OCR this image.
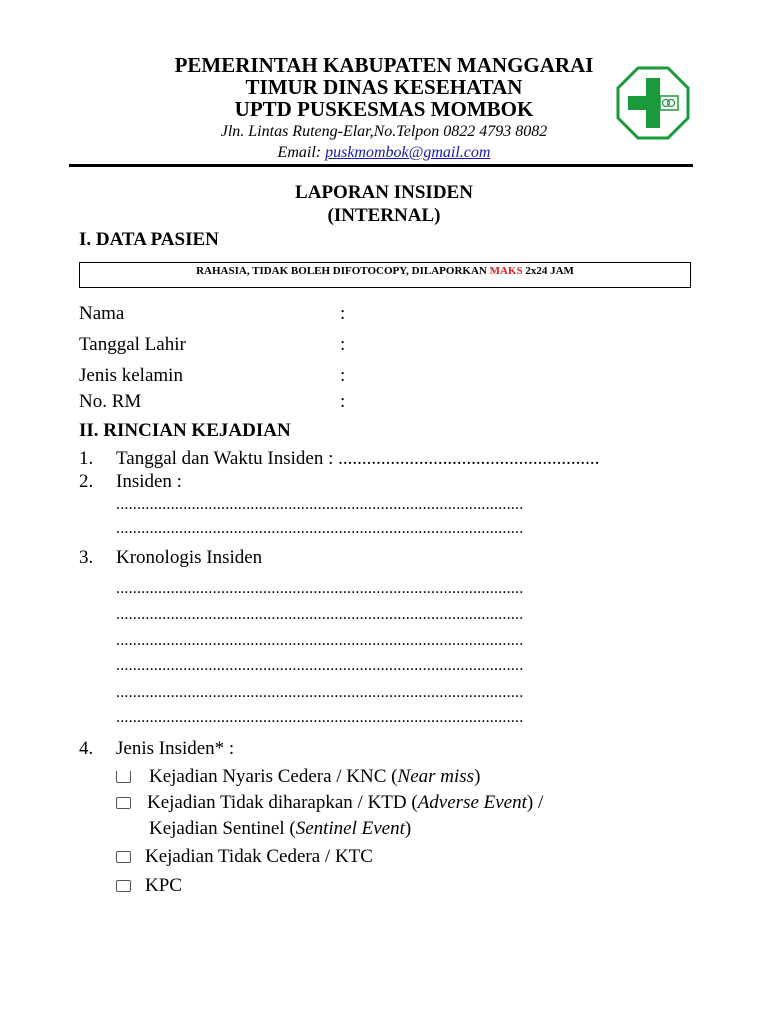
PEMERINTAH KABUPATEN MANGGARAI
TIMUR DINAS KESEHATAN
UPTD PUSKESMAS MOMBOK
Jln. Lintas Ruteng-Elar,No.Telpon 0822 4793 8082
Email: puskmombok@gmail.com
LAPORAN INSIDEN
(INTERNAL)
I. DATA PASIEN
RAHASIA, TIDAK BOLEH DIFOTOCOPY, DILAPORKAN MAKS 2x24 JAM
Nama	:
Tanggal Lahir	:
Jenis kelamin	:
No. RM	:
II. RINCIAN KEJADIAN
1. Tanggal dan Waktu Insiden : .......................................................
2. Insiden :
.................................................................................................
.................................................................................................
3. Kronologis Insiden
.................................................................................................
.................................................................................................
.................................................................................................
.................................................................................................
.................................................................................................
.................................................................................................
4. Jenis Insiden* :
Kejadian Nyaris Cedera / KNC ( Near miss )
Kejadian Tidak diharapkan / KTD ( Adverse Event ) /
Kejadian Sentinel ( Sentinel Event )
Kejadian Tidak Cedera / KTC
KPC
